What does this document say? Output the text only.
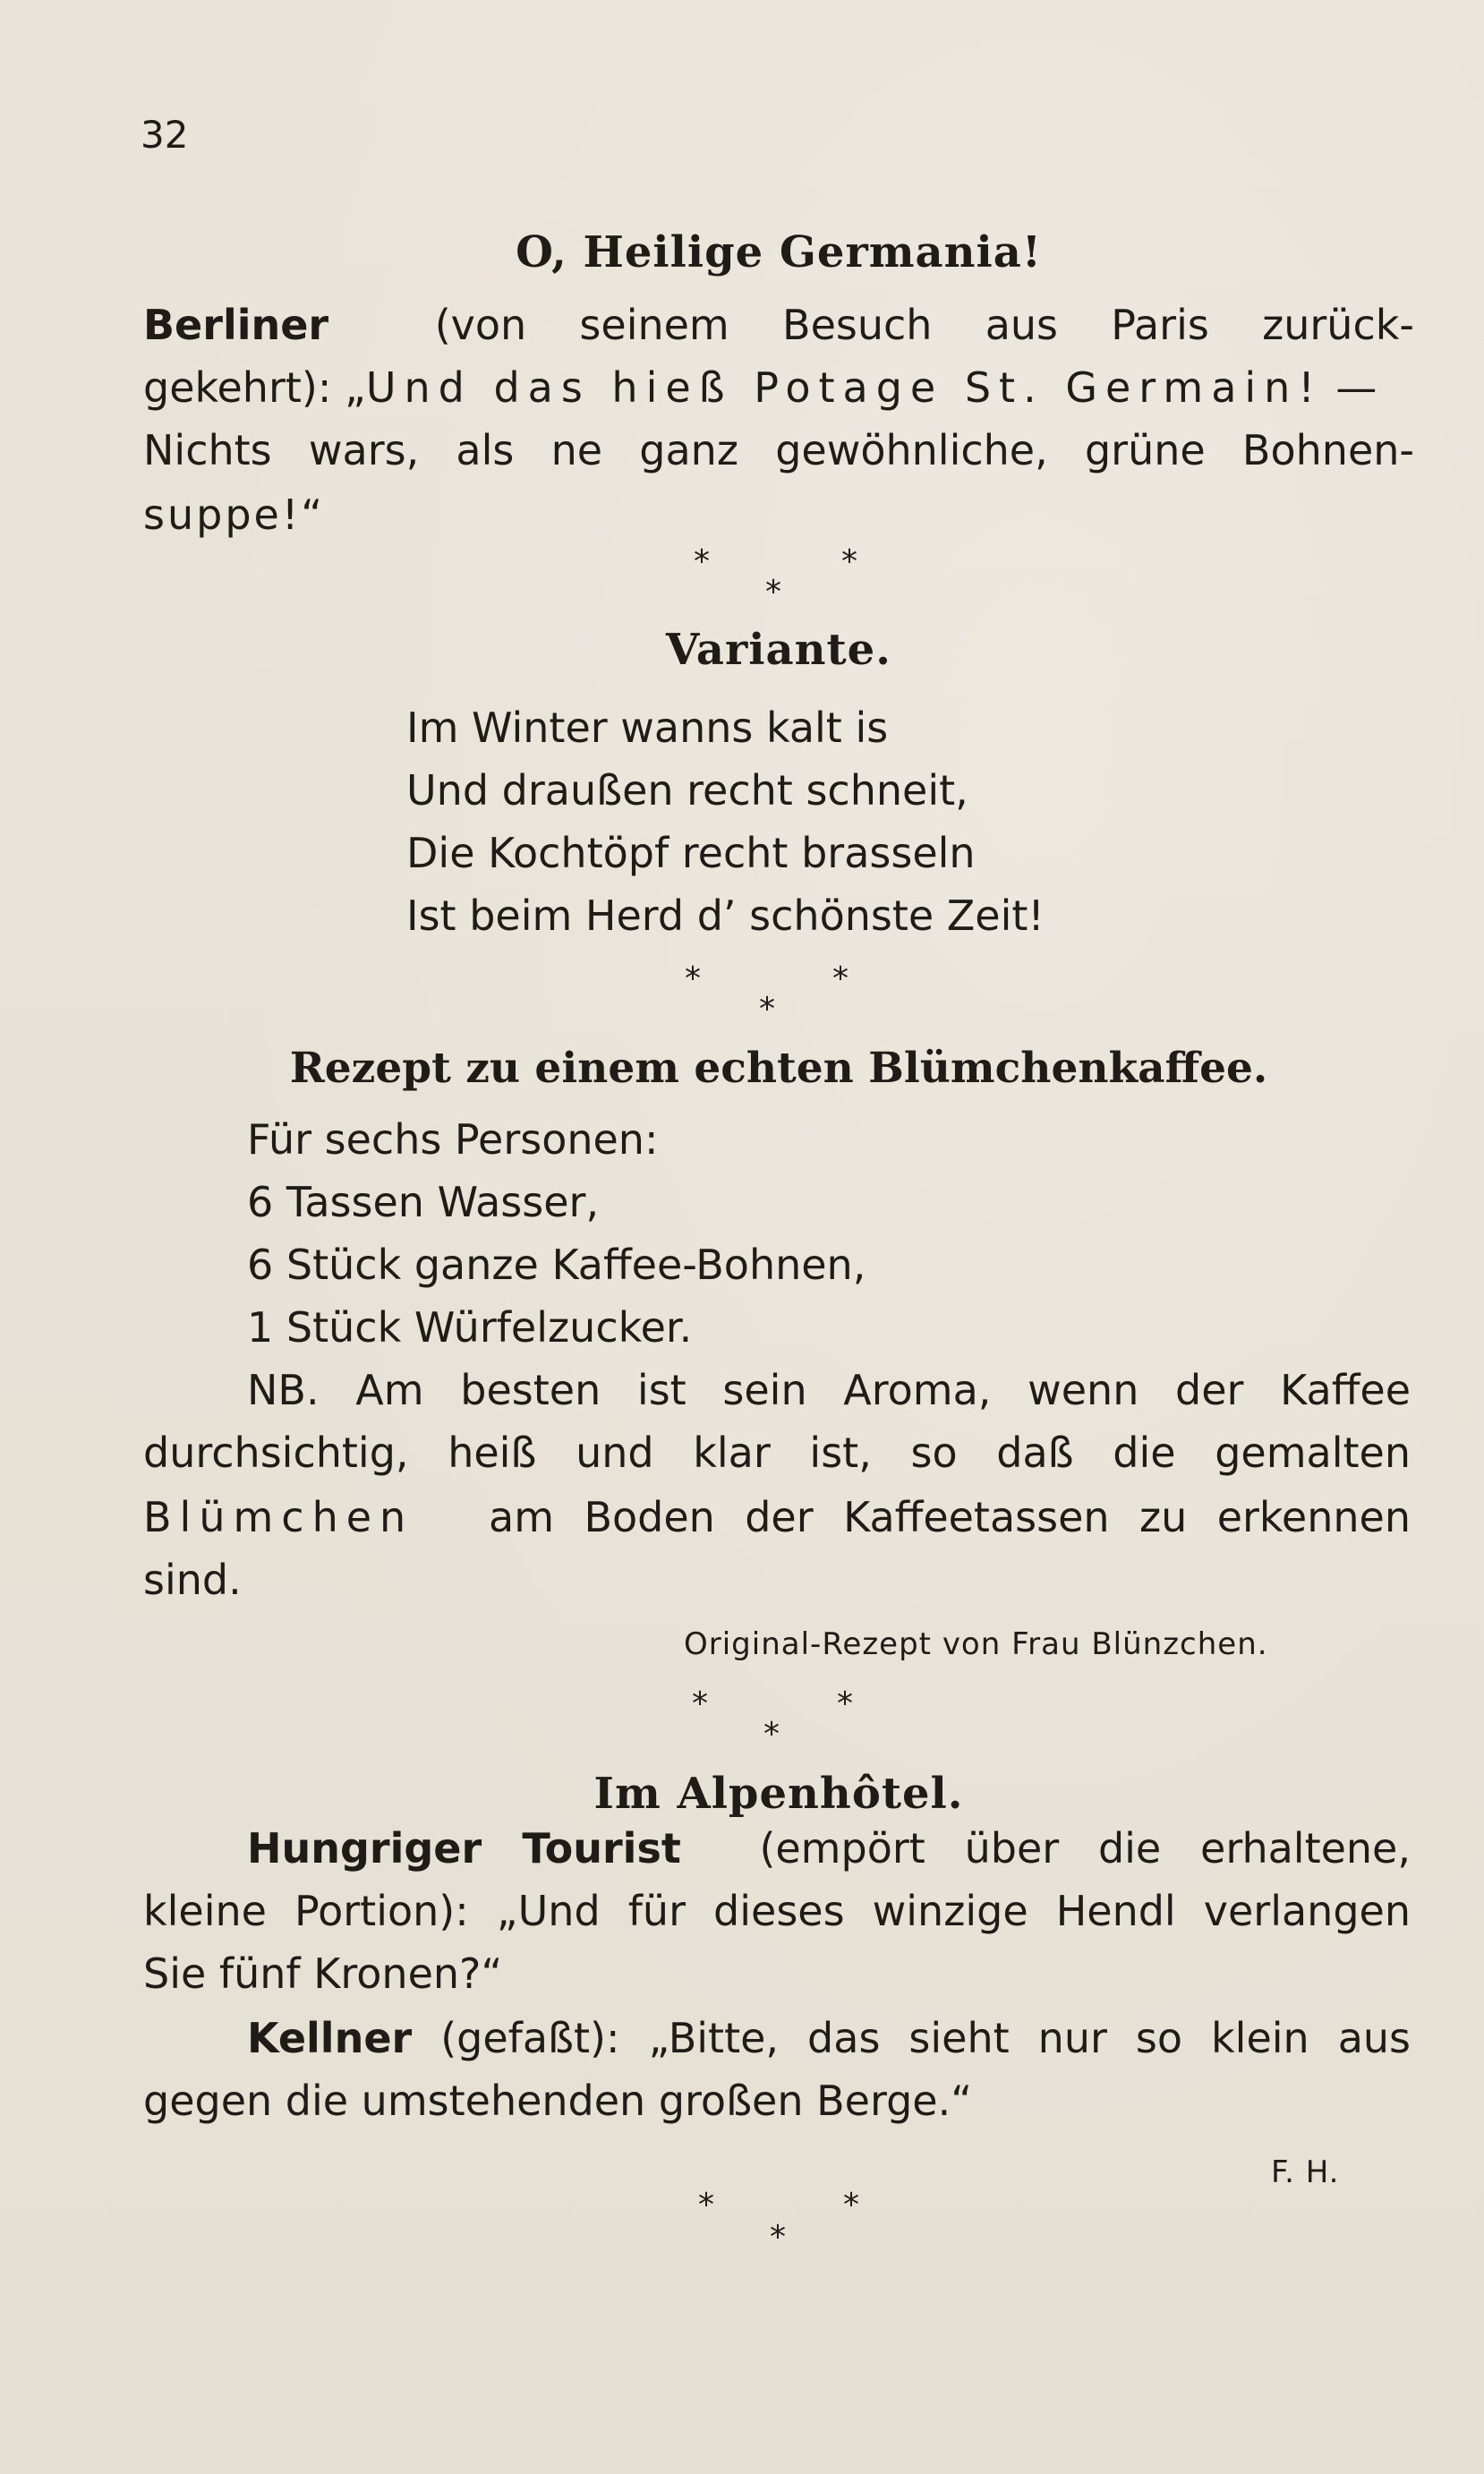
32
O, Heilige Germania!
Berliner	(von seinem Besuch aus Paris zurück-
gekehrt): „Und das hieß Potage St. Germain! —
Nichts wars, als ne ganz gewöhnliche, grüne Bohnen-
suppe!“
*	*
*
Variante.
Im Winter wanns kalt is
Und draußen recht schneit,
Die Kochtöpf recht brasseln
Ist beim Herd d’ schönste Zeit!
*	*
*
Rezept zu einem echten Blümchenkaffee.
Für sechs Personen:
6 Tassen Wasser,
6 Stück ganze Kaffee-Bohnen,
1 Stück Würfelzucker.
NB. Am besten ist sein Aroma, wenn der Kaffee
durchsichtig, heiß und klar ist, so daß die gemalten
Blümchen am Boden der Kaffeetassen zu erkennen
sind.
Original-Rezept von Frau Blünzchen.
*	*
*
Im Alpenhôtel.
Hungriger Tourist (empört über die erhaltene,
kleine Portion): „Und für dieses winzige Hendl verlangen
Sie fünf Kronen?“
Kellner (gefaßt): „Bitte, das sieht nur so klein aus
gegen die umstehenden großen Berge.“
F. H.
*	*
*
